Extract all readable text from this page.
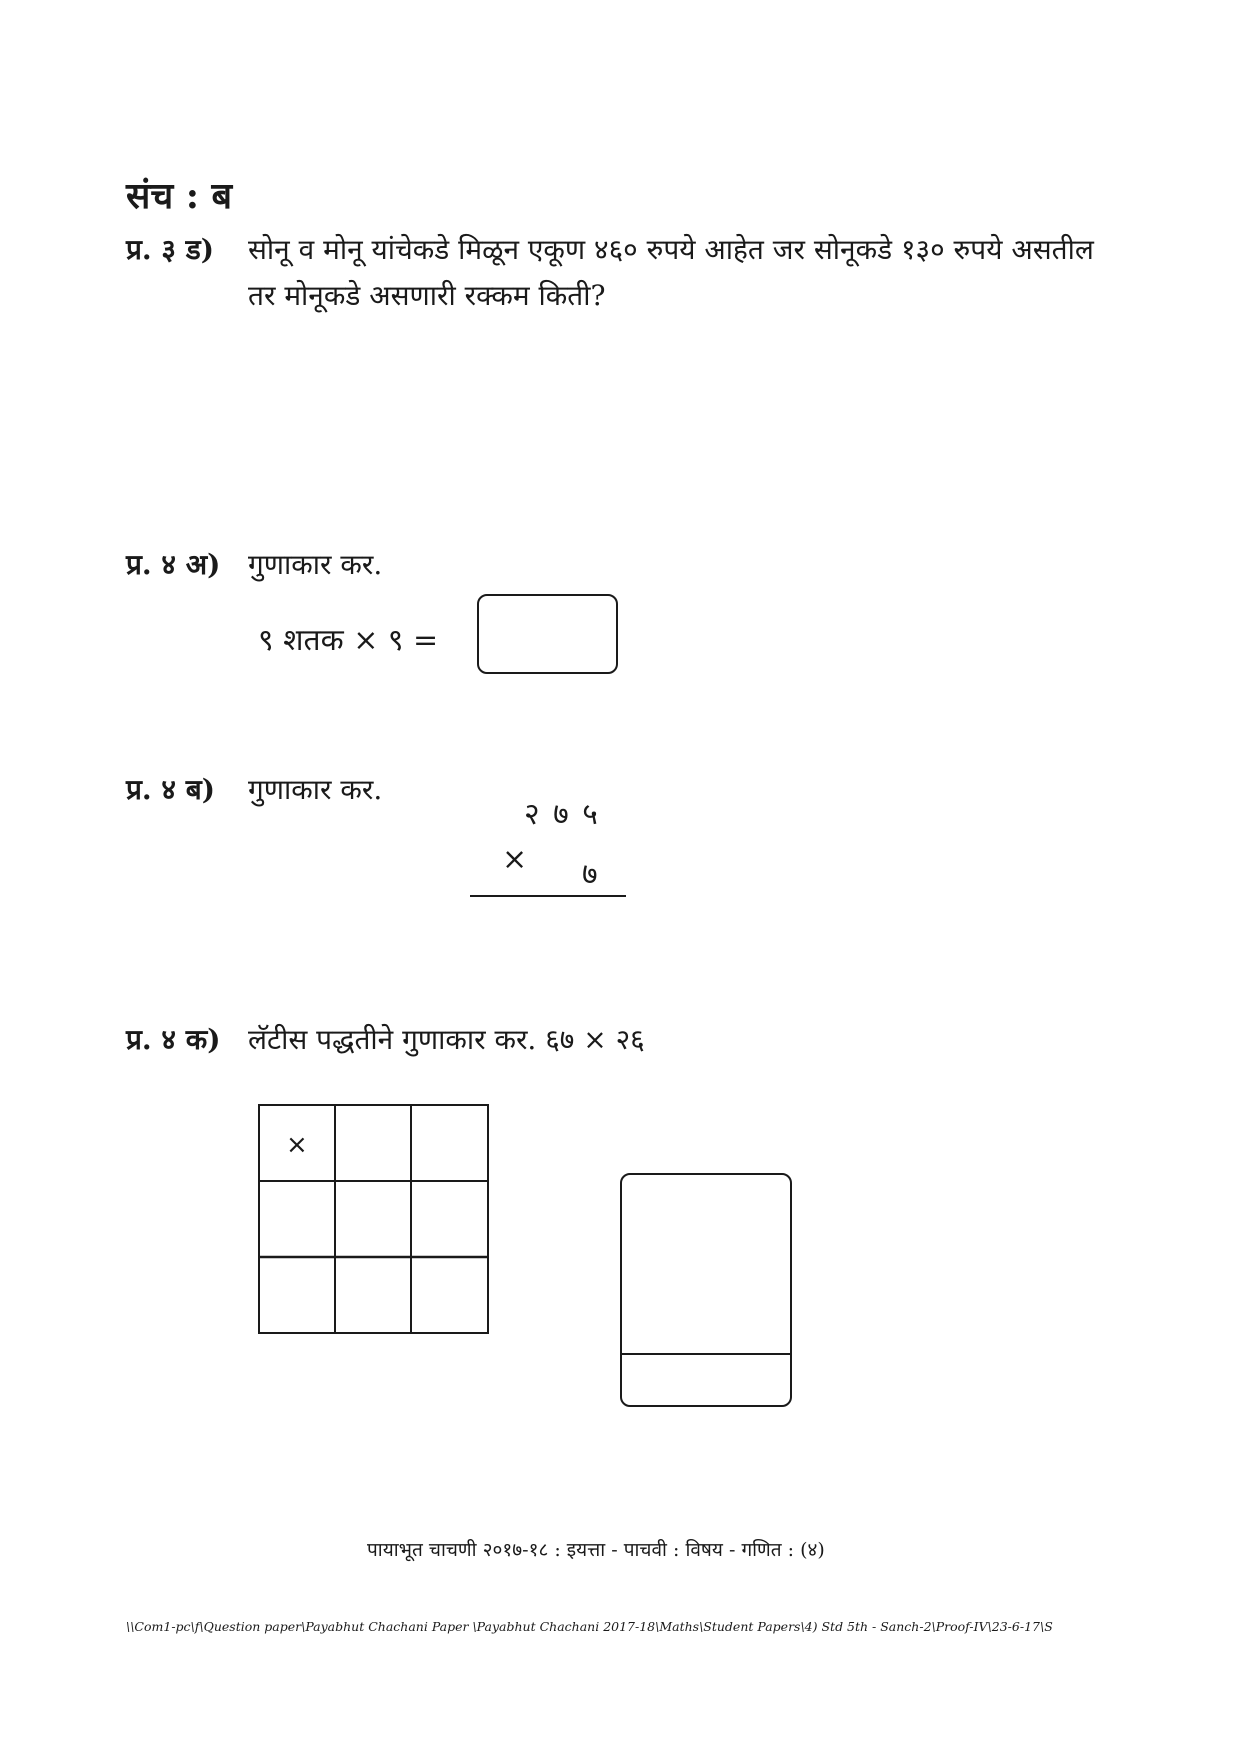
संच : ब
प्र. ३ ड) सोनू व मोनू यांचेकडे मिळून एकूण ४६० रुपये आहेत जर सोनूकडे १३० रुपये असतील
तर मोनूकडे असणारी रक्कम किती?
प्र. ४ अ) गुणाकार कर.
९ शतक × ९ =
प्र. ४ ब) गुणाकार कर.
२ ७ ५
× ७
प्र. ४ क) लॅटीस पद्धतीने गुणाकार कर. ६७ × २६
×
पायाभूत चाचणी २०१७-१८ : इयत्ता - पाचवी : विषय - गणित : (४)
\\Com1-pc\f\Question paper\Payabhut Chachani Paper \Payabhut Chachani 2017-18\Maths\Student Papers\4) Std 5th - Sanch-2\Proof-IV\23-6-17\S
